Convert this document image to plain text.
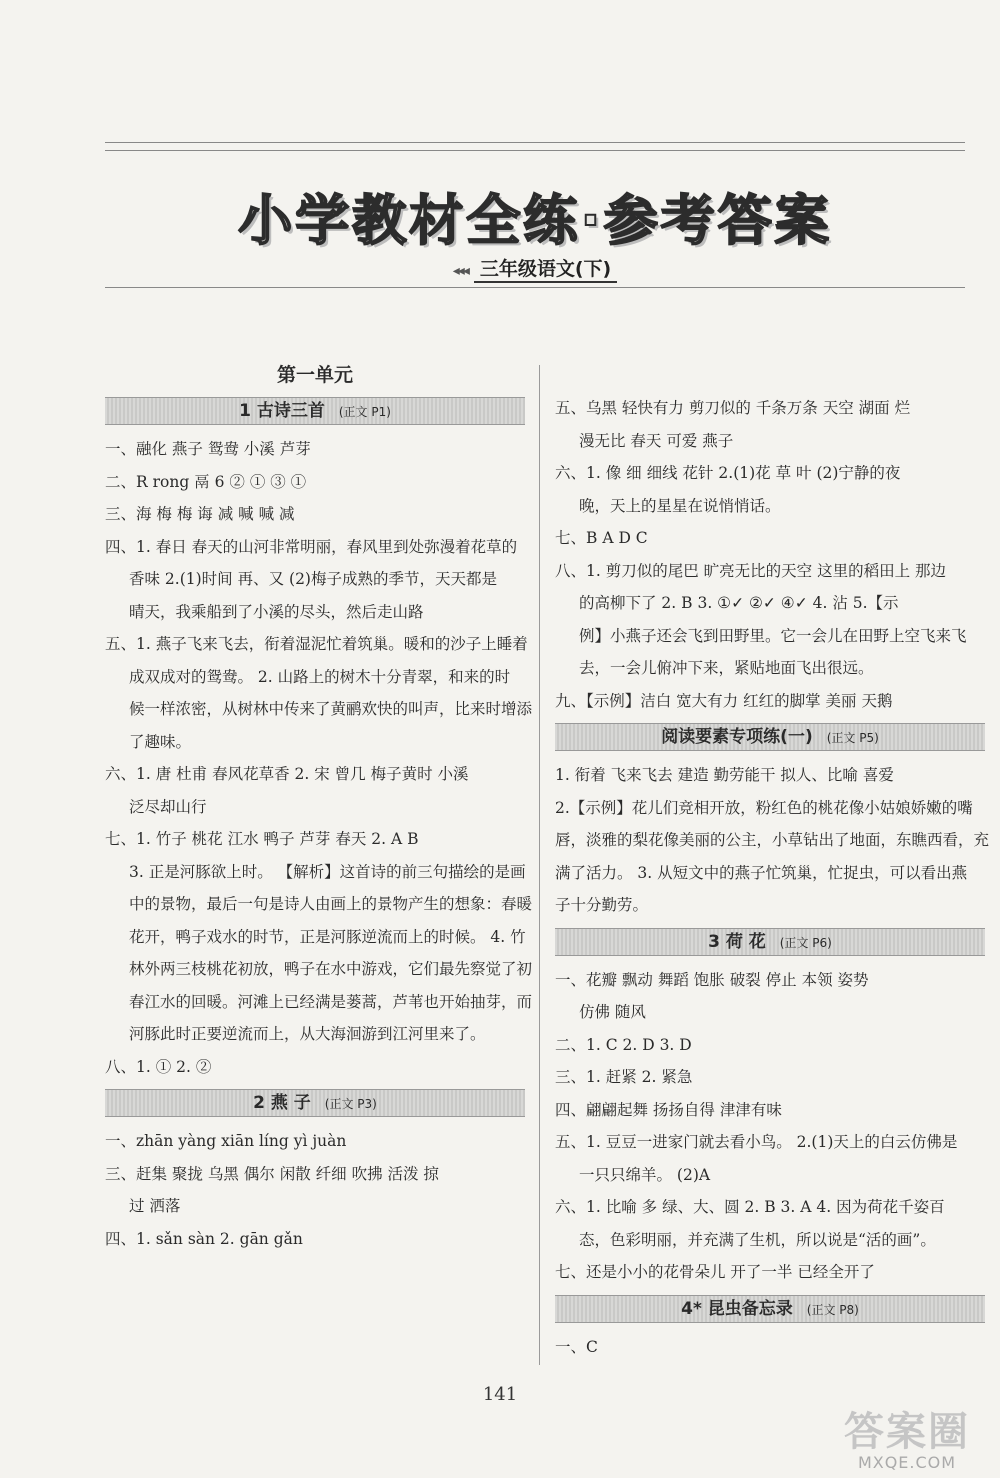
小学教材全练·参考答案
◂◂◂ 三年级语文(下)
第一单元
1 古诗三首 (正文 P1)

一、融化 燕子 鸳鸯 小溪 芦芽

二、R rong 鬲 6 ② ① ③ ①

三、海 梅 梅 诲 减 喊 喊 减

四、1. 春日 春天的山河非常明丽，春风里到处弥漫着花草的

香味 2.(1)时间 再、又 (2)梅子成熟的季节，天天都是

晴天，我乘船到了小溪的尽头，然后走山路

五、1. 燕子飞来飞去，衔着湿泥忙着筑巢。暖和的沙子上睡着

成双成对的鸳鸯。 2. 山路上的树木十分青翠，和来的时

候一样浓密，从树林中传来了黄鹂欢快的叫声，比来时增添

了趣味。

六、1. 唐 杜甫 春风花草香 2. 宋 曾几 梅子黄时 小溪

泛尽却山行

七、1. 竹子 桃花 江水 鸭子 芦芽 春天 2. A B

3. 正是河豚欲上时。 【解析】这首诗的前三句描绘的是画

中的景物，最后一句是诗人由画上的景物产生的想象：春暖

花开，鸭子戏水的时节，正是河豚逆流而上的时候。 4. 竹

林外两三枝桃花初放，鸭子在水中游戏，它们最先察觉了初

春江水的回暖。河滩上已经满是蒌蒿，芦苇也开始抽芽，而

河豚此时正要逆流而上，从大海洄游到江河里来了。

八、1. ① 2. ②

2 燕 子 (正文 P3)

一、zhān yàng xiān líng yì juàn

三、赶集 聚拢 乌黑 偶尔 闲散 纤细 吹拂 活泼 掠

过 洒落

四、1. sǎn sàn 2. gān gǎn

五、乌黑 轻快有力 剪刀似的 千条万条 天空 湖面 烂

漫无比 春天 可爱 燕子

六、1. 像 细 细线 花针 2.(1)花 草 叶 (2)宁静的夜

晚，天上的星星在说悄悄话。

七、B A D C

八、1. 剪刀似的尾巴 旷亮无比的天空 这里的稻田上 那边

的高柳下了 2. B 3. ①✓ ②✓ ④✓ 4. 沾 5.【示

例】小燕子还会飞到田野里。它一会儿在田野上空飞来飞

去，一会儿俯冲下来，紧贴地面飞出很远。

九、【示例】洁白 宽大有力 红红的脚掌 美丽 天鹅

阅读要素专项练(一) (正文 P5)

1. 衔着 飞来飞去 建造 勤劳能干 拟人、比喻 喜爱

2.【示例】花儿们竞相开放，粉红色的桃花像小姑娘娇嫩的嘴

唇，淡雅的梨花像美丽的公主，小草钻出了地面，东瞧西看，充

满了活力。 3. 从短文中的燕子忙筑巢，忙捉虫，可以看出燕

子十分勤劳。

3 荷 花 (正文 P6)

一、花瓣 飘动 舞蹈 饱胀 破裂 停止 本领 姿势

仿佛 随风

二、1. C 2. D 3. D

三、1. 赶紧 2. 紧急

四、翩翩起舞 扬扬自得 津津有味

五、1. 豆豆一进家门就去看小鸟。 2.(1)天上的白云仿佛是

一只只绵羊。 (2)A

六、1. 比喻 多 绿、大、圆 2. B 3. A 4. 因为荷花千姿百

态，色彩明丽，并充满了生机，所以说是“活的画”。

七、还是小小的花骨朵儿 开了一半 已经全开了

4* 昆虫备忘录 (正文 P8)

一、C

141
答案圈
MXQE.COM
